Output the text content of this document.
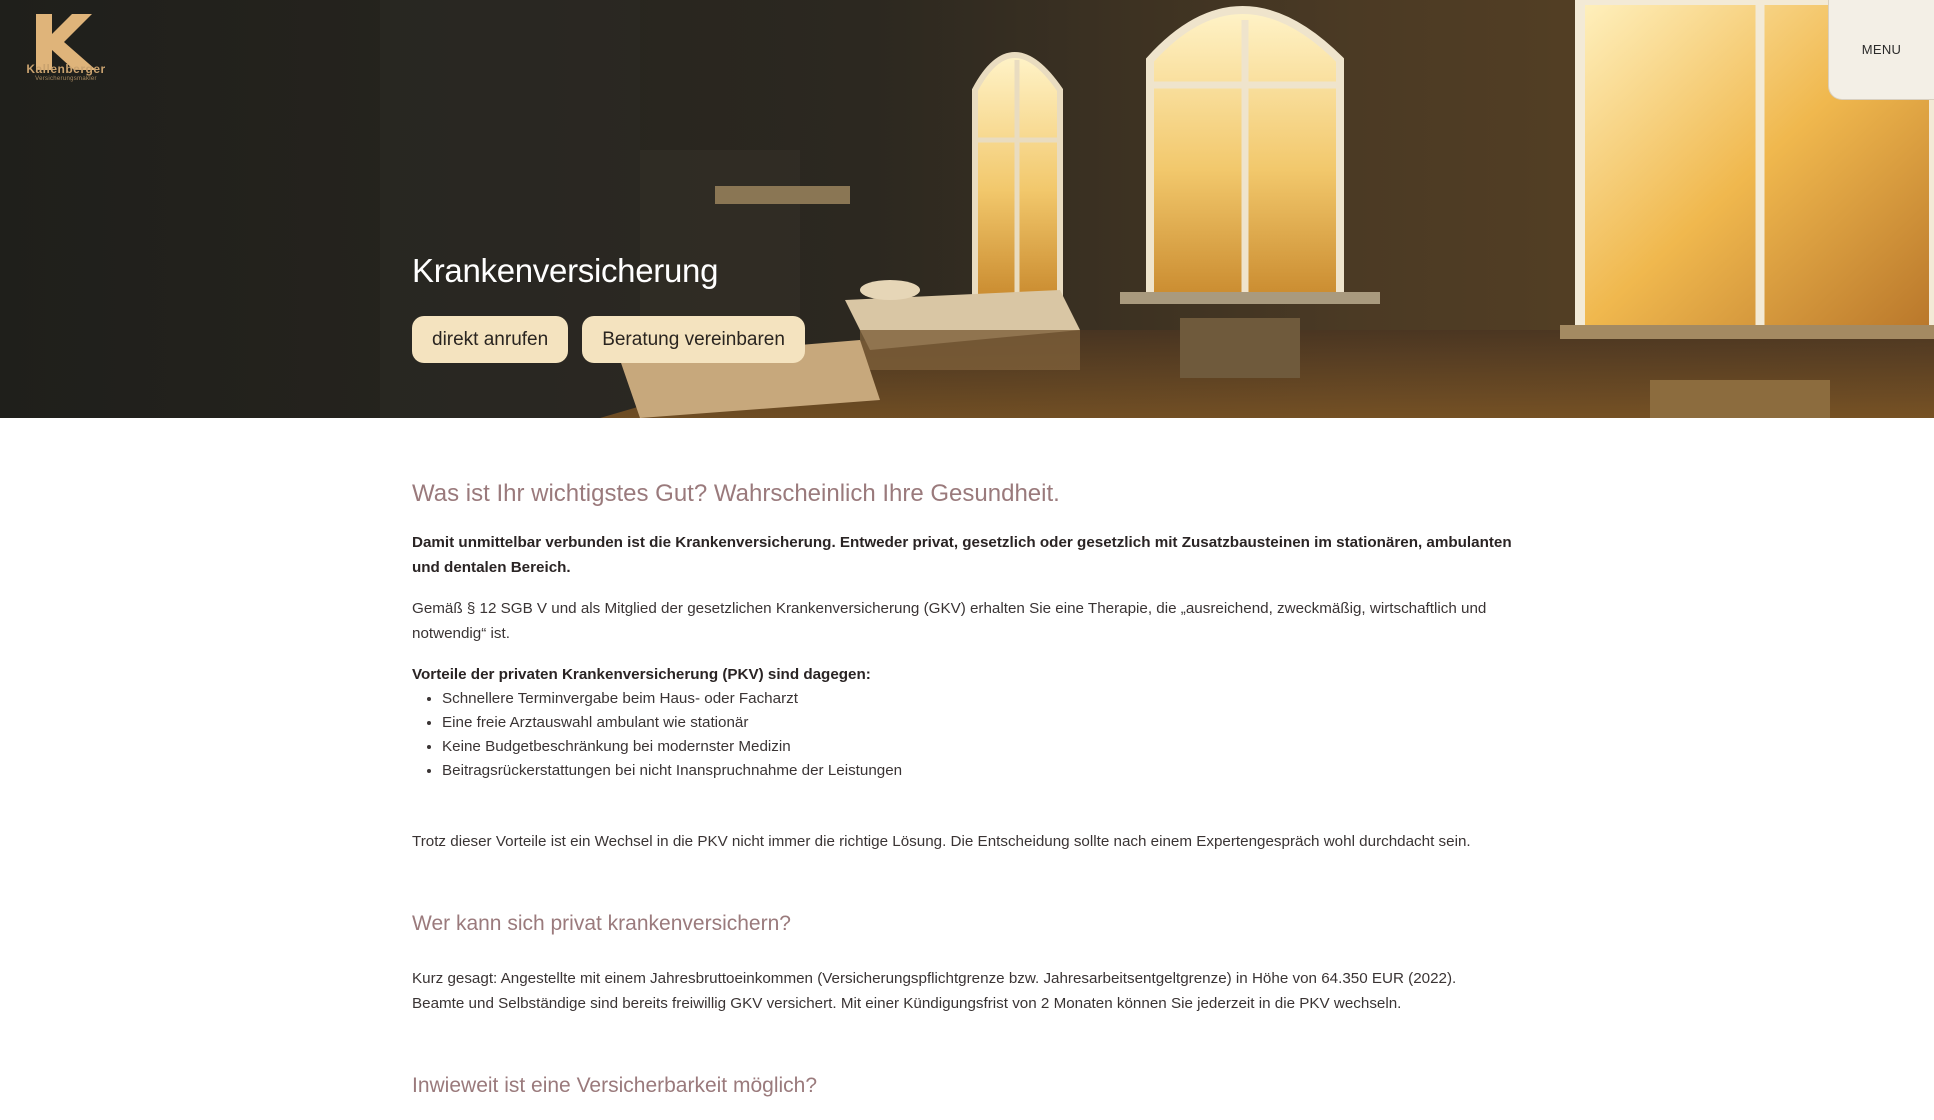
Kallenberger
Versicherungsmakler
MENU
Krankenversicherung
direkt anrufen	Beratung vereinbaren
Was ist Ihr wichtigstes Gut? Wahrscheinlich Ihre Gesundheit.

Damit unmittelbar verbunden ist die Krankenversicherung. Entweder privat, gesetzlich oder gesetzlich mit Zusatzbausteinen im stationären, ambulanten und dentalen Bereich.

Gemäß § 12 SGB V und als Mitglied der gesetzlichen Krankenversicherung (GKV) erhalten Sie eine Therapie, die „ausreichend, zweckmäßig, wirtschaftlich und notwendig“ ist.

Vorteile der privaten Krankenversicherung (PKV) sind dagegen:

• Schnellere Terminvergabe beim Haus- oder Facharzt
• Eine freie Arztauswahl ambulant wie stationär
• Keine Budgetbeschränkung bei modernster Medizin
• Beitragsrückerstattungen bei nicht Inanspruchnahme der Leistungen

Trotz dieser Vorteile ist ein Wechsel in die PKV nicht immer die richtige Lösung. Die Entscheidung sollte nach einem Expertengespräch wohl durchdacht sein.

Wer kann sich privat krankenversichern?

Kurz gesagt: Angestellte mit einem Jahresbruttoeinkommen (Versicherungspflichtgrenze bzw. Jahresarbeitsentgeltgrenze) in Höhe von 64.350 EUR (2022).

Beamte und Selbständige sind bereits freiwillig GKV versichert. Mit einer Kündigungsfrist von 2 Monaten können Sie jederzeit in die PKV wechseln.

Inwieweit ist eine Versicherbarkeit möglich?
